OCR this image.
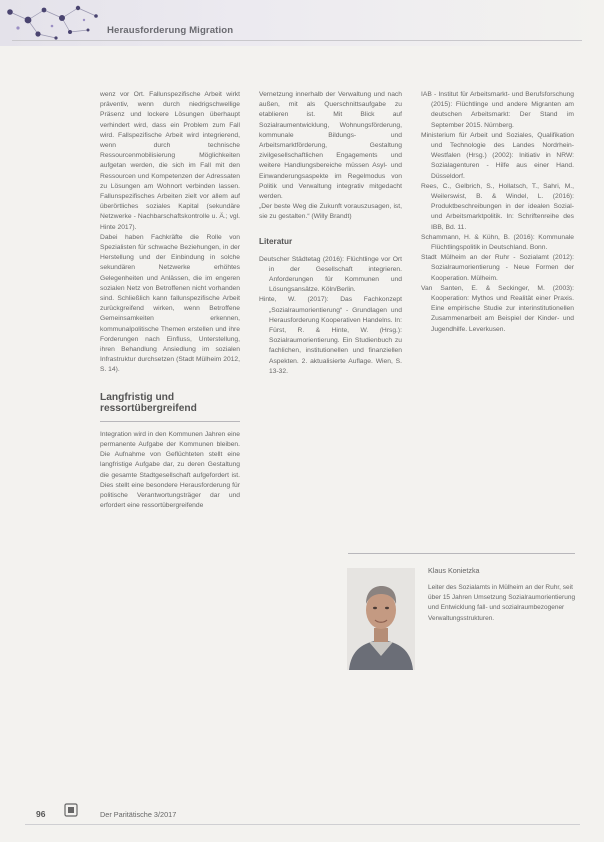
Herausforderung Migration

wenz vor Ort. Fallunspezifische Arbeit wirkt präventiv, wenn durch niedrigschwellige Präsenz und lockere Lösungen überhaupt verhindert wird, dass ein Problem zum Fall wird. Fallspezifische Arbeit wird integrierend, wenn durch technische Ressourcenmobilisierung Möglichkeiten aufgetan werden, die sich im Fall mit den Ressourcen und Kompetenzen der Adressaten zu Lösungen am Wohnort verbinden lassen. Fallunspezifisches Arbeiten zielt vor allem auf überörtliches soziales Kapital (sekundäre Netzwerke - Nachbarschaftskontrolle u. Ä.; vgl. Hinte 2017).

Dabei haben Fachkräfte die Rolle von Spezialisten für schwache Beziehungen, in der Herstellung und der Einbindung in solche sekundären Netzwerke erhöhtes Gelegenheiten und Anlässen, die im engeren sozialen Netz von Betroffenen nicht vorhanden sind. Schließlich kann fallunspezifische Arbeit zurückgreifend wirken, wenn Betroffene Gemeinsamkeiten erkennen, kommunalpolitische Themen erstellen und ihre Forderungen nach Einfluss, Unterstellung, ihren Behandlung Ansiedlung im sozialen Infrastruktur durchsetzen (Stadt Mülheim 2012, S. 14).

Langfristig und ressortübergreifend

Integration wird in den Kommunen Jahren eine permanente Aufgabe der Kommunen bleiben. Die Aufnahme von Geflüchteten stellt eine langfristige Aufgabe dar, zu deren Gestaltung die gesamte Stadtgesellschaft aufgefordert ist. Dies stellt eine besondere Herausforderung für politische Verantwortungsträger dar und erfordert eine ressortübergreifende

Vernetzung innerhalb der Verwaltung und nach außen, mit als Querschnittsaufgabe zu etablieren ist. Mit Blick auf Sozialraumentwicklung, Wohnungsförderung, kommunale Bildungs- und Arbeitsmarktförderung, Gestaltung zivilgesellschaftlichen Engagements und weitere Handlungsbereiche müssen Asyl- und Einwanderungsaspekte im Regelmodus von Politik und Verwaltung integrativ mitgedacht werden.

„Der beste Weg die Zukunft vorauszusagen, ist, sie zu gestalten.“ (Willy Brandt)

Literatur

Deutscher Städtetag (2016): Flüchtlinge vor Ort in der Gesellschaft integrieren. Anforderungen für Kommunen und Lösungsansätze. Köln/Berlin.

Hinte, W. (2017): Das Fachkonzept „Sozialraumorientierung“ - Grundlagen und Herausforderung Kooperativen Handelns. In: Fürst, R. & Hinte, W. (Hrsg.): Sozialraumorientierung. Ein Studienbuch zu fachlichen, institutionellen und finanziellen Aspekten. 2. aktualisierte Auflage. Wien, S. 13-32.

IAB - Institut für Arbeitsmarkt- und Berufsforschung (2015): Flüchtlinge und andere Migranten am deutschen Arbeitsmarkt: Der Stand im September 2015. Nürnberg.

Ministerium für Arbeit und Soziales, Qualifikation und Technologie des Landes Nordrhein-Westfalen (Hrsg.) (2002): Initiativ in NRW: Sozialagenturen - Hilfe aus einer Hand. Düsseldorf.

Rees, C., Gelbrich, S., Hollatsch, T., Sahri, M., Weilerswist, B. & Windel, L. (2016): Produktbeschreibungen in der idealen Sozial- und Arbeitsmarktpolitik. In: Schriftenreihe des IBB, Bd. 11.

Schammann, H. & Kühn, B. (2016): Kommunale Flüchtlingspolitik in Deutschland. Bonn.

Stadt Mülheim an der Ruhr - Sozialamt (2012): Sozialraumorientierung - Neue Formen der Kooperation. Mülheim.

Van Santen, E. & Seckinger, M. (2003): Kooperation: Mythos und Realität einer Praxis. Eine empirische Studie zur interinstitutionellen Zusammenarbeit am Beispiel der Kinder- und Jugendhilfe. Leverkusen.

Klaus Konietzka
Leiter des Sozialamts in Mülheim an der Ruhr, seit über 15 Jahren Umsetzung Sozialraumorientierung und Entwicklung fall- und sozialraumbezogener Verwaltungsstrukturen.
96	Der Paritätische 3/2017
